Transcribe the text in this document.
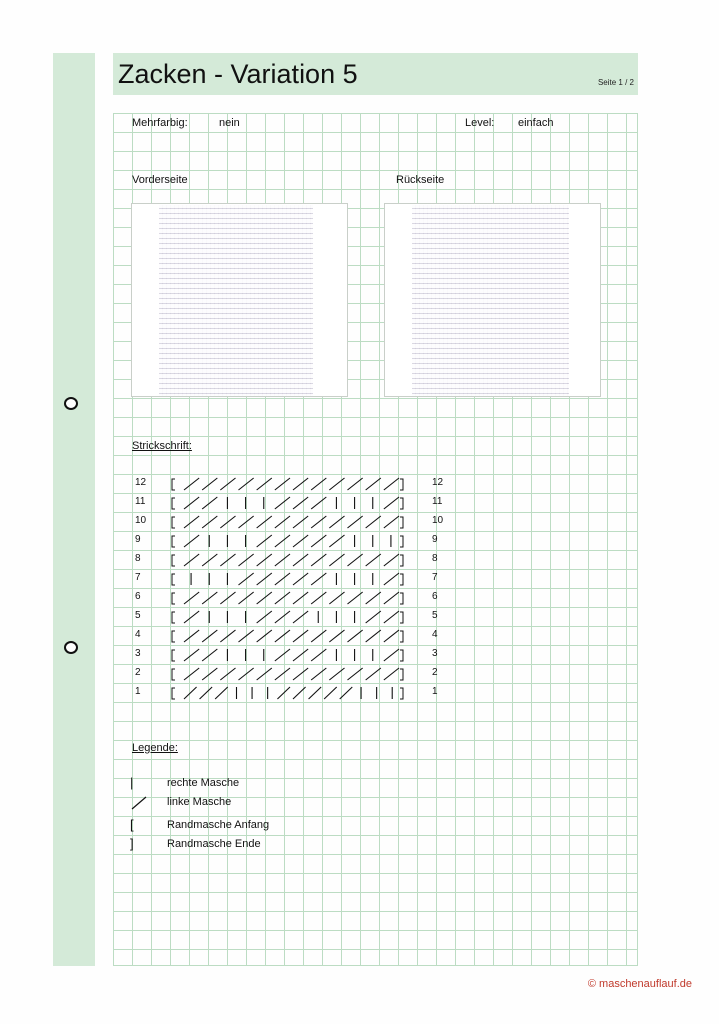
Zacken - Variation 5	Seite 1 / 2
Mehrfarbig:	nein	Level: einfach
Vorderseite	Rückseite
Strickschrift:
12	12
11	11
10	10
9	9
8	8
7	7
6	6
5	5
4	4
3	3
2	2
1	1
Legende:
|	rechte Masche
linke Masche
[	Randmasche Anfang
]	Randmasche Ende
© maschenauflauf.de
